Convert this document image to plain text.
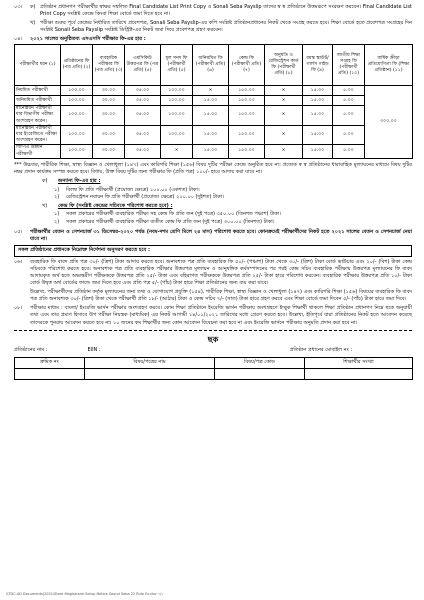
০৩।	ক) প্রতিষ্ঠান প্রধানগণ পরীক্ষার্থীর স্বাক্ষর সম্বলিত Final Candidate List Print Copy ও Sonali Seba Payslip তাদের স্ব স্ব প্রতিষ্ঠানে উত্তমরূপে সংরক্ষণ করবেন। Final Candidate List Print Copy সংশ্লিষ্ট কেন্দ্রে কিংবা শিক্ষা বোর্ডে জমা দিতে হবে না।
খ) পরীক্ষা শুরুর পূর্বে কেন্দ্রের নির্ধারিত তারিখে প্রবেশপত্র, Sonali Seba Payslip-এর কপি সংশ্লিষ্ট প্রতিষ্ঠানপ্রধানের নিকট থেকে সংগ্রহ করতে হবে। শিক্ষা বোর্ডে হতে প্রবেশপত্র সংগ্রহের দিন সংশ্লিষ্ট Sonali Seba Payslip সংশ্লিষ্ট ডিস্ট্রিক্ট-এর নিকট জমা দিয়ে প্রবেশপত্র গ্রহণ করবেন।
০৪।	২০২১ সালের অনুষ্ঠিতব্য এসএসসি পরীক্ষার ফি-এর হার :
পরীক্ষার্থীর ধরন (১)	প্রতিষ্ঠানের ফি (পত্র প্রতি) (২)	ব্যবহারিক পরীক্ষার ফি (পত্র প্রতি) (৩)	এমসিকিউ উত্তরপত্র ফি (পত্র প্রতি) (৪)	মূল সনদ ফি (পরীক্ষার্থী প্রতি) (৫)	অনিয়মিত ফি (পরীক্ষার্থী প্রতি) (৬)	কেন্দ্র ফি (পরীক্ষার্থী প্রতি) (৭)	অনুমতি ও রেজিস্ট্রেশন কার্ড ফি (পরীক্ষার্থী প্রতি) (৮)	বয়স্ক স্কাউট/ গার্লস গাইড ফি (৯)	জাতীয় শিক্ষা সপ্তাহ ফি (পরীক্ষার্থী প্রতি) (১০)	বার্ষিক ক্রীড়া প্রতিযোগিতা ফি (শিক্ষা প্রতিষ্ঠান) (১১)
নিয়মিত পরীক্ষার্থী	১০০.০০	৩০.০০	৩৫.০০	১০০.০০	×	১৫০.০০	×	১৫.০০	৫.০০	৩০০.০০
অনিয়মিত পরীক্ষার্থী	১০০.০০	৩০.০০	৩৫.০০	১০০.০০	১৫.০০	১৫০.০০	×	১৫.০০	৫.০০	
মানোন্নয়ন পরীক্ষার্থী যার বিভাগীয় পরীক্ষা অংশগ্রহণ করেন।	১০০.০০	৩০.০০	৩৫.০০	১০০.০০	১৫.০০	১৫০.০০	×	১৫.০০	৫.০০	
মানোন্নয়ন পরীক্ষার্থী যার ইংরেজিতে পরীক্ষা অংশগ্রহণ করেন।	১০০.০০	৩০.০০	৩৫.০০	১০০.০০	১৫.০০	১৫০.০০	×	১৫.০০	৫.০০	
জিপিএ উন্নয়ন পরীক্ষার্থী	১০০.০০	৩০.০০	৩৫.০০	×	১৫.০০	১৫০.০০	×	১৫.০০	৫.০০	
*** উচ্চতর, শারীরিক শিক্ষা, স্বাস্থ্য বিজ্ঞান ও খেলাধুলা (১৪৭) এবং কারিগরি শিক্ষা (১৫৬) বিষয় দুটির পরীক্ষা কেন্দ্রে অনুষ্ঠিত হবে না। প্রত্যেক স্ব স্ব প্রতিষ্ঠানের ধারাবাহিক মূল্যায়নের মাধ্যমে বিষয় দুটির নম্বর প্রদান কার্যক্রম সম্পন্ন করতে হবে। বিধায়, উক্ত বিষয় দুটির জন্য পরীক্ষার ফি (প্রতি পত্র) ১০০/- হারে আদায় করা যাবে না।
ক)	অন্যান্য ফি-এর হার :
১)	বিলম্ব ফি প্রতি পরীক্ষার্থী (প্রযোজ্য ক্ষেত্রে) ১০০.০০ (একশত) টাকা।
২)	রেজিস্ট্রেশন নবায়ন ফি প্রতি পরীক্ষার্থী (প্রযোজ্য ক্ষেত্রে) ২০০.০০ (দুইশত) টাকা।
খ)	কেন্দ্র ফি (সংশ্লিষ্ট কেন্দ্রের সচিবকে পরিশোধ করতে হবে) :
১)	সকল প্রকারের পরীক্ষার্থী ব্যবহারিক পরীক্ষা সহ কেন্দ্র ফি প্রতি জন (দুই পত্রে) ৩৫০.০০ (তিনশত পঞ্চাশ) টাকা।
২)	সকল প্রকারের পরীক্ষার্থী ব্যবহারিক পরীক্ষা ব্যতীত কেন্দ্র ফি প্রতি জন (দুই পত্রে) ৩০০.০০ (তিনশত) টাকা।
০৫।	পরীক্ষার্থীর বেতন ও সেশনচার্জ ৩১ ডিসেম্বর-২০২০ পর্যন্ত (নবম-দশম শ্রেণি মিলে ২৪ মাস) পরিশোধ করতে হবে। কোনক্রমেই পরীক্ষার্থীদের নিকট হতে ২০২১ সালের বেতন ও সেশনচার্জ নেয়া যাবে না।
সকল প্রতিষ্ঠানের প্রধানকে নিম্নোক্ত নির্দেশনা অনুসরণ করতে হবে :
০৬।	ব্যবহারিক ফি বাবদ প্রতি পত্র ৩০/- (ত্রিশ) টাকা আদায় করতে হবে। অনাবশ্যক পত্র প্রতি ব্যবহারিক ফি ৫০/- (পঞ্চাশ) টাকা থেকে ৩০/- (ত্রিশ) টাকা বোর্ড ভাউচার এবং ২০/- (বিশ) টাকা কেন্দ্র সচিবকে পরিশোধ করতে হবে। অনাবশ্যক পত্র প্রতি ব্যবহারিক পরীক্ষার উত্তরপত্র মূল্যায়ন ও আনুষঙ্গিক কর্মসম্পাদনের পর পরই কেন্দ্র সচিব ব্যবহারিক পরীক্ষায় উত্তরপত্র মূল্যায়নের ফি বাবদ আদায়কৃত অর্থ হতে অভ্যন্তরীণ পরীক্ষককে উত্তরপত্র প্রতি ২৫/- টাকা এবং বহিরাগত পরীক্ষককে উত্তরপত্র প্রতি ২৫/- টাকা হারে পরিশোধ করবেন। ব্যবহারিক পরীক্ষার উত্তরপত্র প্রতি ১০/- টাকা বোর্ড উদ্বৃত্ত অর্থ বোর্ডের ফান্ডে জমা দিতে হবে এবং প্রতি পত্র ৫/- (পাঁচ) টাকা হারে শিক্ষা প্রতিষ্ঠানের জন্য ব্যয় করা যাবে।
উল্লেখ্য, পরীক্ষার্থীদের প্রতিষ্ঠান কর্তৃক মূল্যায়নের জন্য তথ্য ও যোগাযোগ প্রযুক্তি (১৫৪), শারীরিক শিক্ষা, স্বাস্থ্য বিজ্ঞান ও খেলাধুলা (১৪৭) এবং কারিগরি শিক্ষা (১৫৬) বিষয়ের ব্যবহারিক ফি বাবদ পত্র প্রতি অনাবশ্যক ৩০/- (ত্রিশ) টাকা থেকে পরীক্ষার্থী প্রতি ১৮/- (আঠার) টাকা ও কেন্দ্র সচিব ৭/- (সাত) টাকা হারে গ্রহণ করবে এবং শিক্ষা বোর্ডে জমা দিবেন ৫/- (পাঁচ) টাকা হারে জমা দিবে।
০৮।	পরীক্ষার মাধ্যম : বাংলা/ ইংরেজি ভার্সন পরীক্ষার অংশগ্রহণ করবে। কোন শিক্ষা প্রতিষ্ঠানে ইংরেজি ভার্সন পরীক্ষায় অংশগ্রহণে ইচ্ছুক শিক্ষার্থী থাকলে শিক্ষা প্রতিষ্ঠান প্রধানগণ নিম্নে ছকে অনুযায়ী তথ্য এবং তার প্রমাণ হিসাবে উপ পরীক্ষা নিয়ন্ত্রক (মাধ্যমিক) এর নিকট আগামী ১৪/০১/২০২১ তারিখের মধ্যে প্রেরণ করতে হবে। উল্লেখ্য, ইতিপূর্বে যারা প্রতিষ্ঠানের নিকট হতে আবেদন করেছে তাদেরকে পুনরায় আবেদন করতে হবে না। ১০ জনের কম শিক্ষার্থীর জন্য কোন আবেদন বিবেচনা করা হবে না এবং ইংরেজি ভার্সনে পরীক্ষার অনুমতি প্রদান করা হবে না।
ছক
প্রতিষ্ঠানের নাম :	EIIN :	প্রতিষ্ঠান প্রধানের মোবাইল নং :
ক্রমিক নং	বিষয়/পত্রের নাম	বিষয়/পত্র কোড	শিক্ষার্থীর সংখ্যা

\\TDC.AD Documents\2021\Store Magistrane Setup Notice Sound Seba 22 Rule Ex.doc ৭/২
